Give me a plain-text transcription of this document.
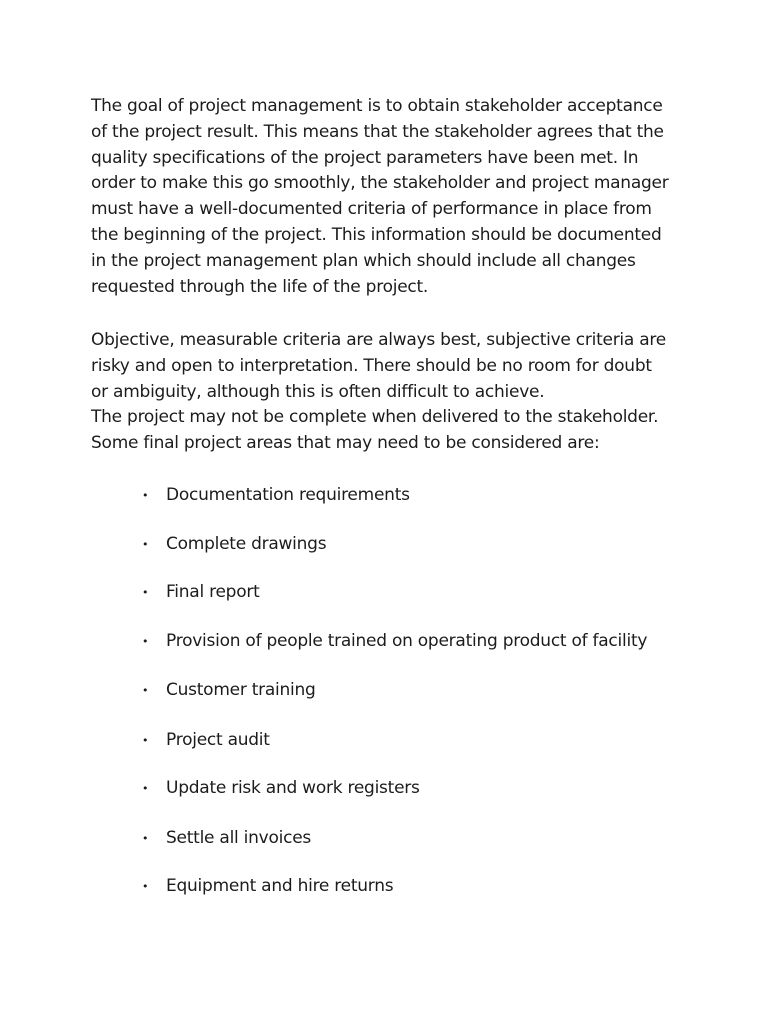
The goal of project management is to obtain stakeholder acceptance
of the project result. This means that the stakeholder agrees that the
quality specifications of the project parameters have been met. In
order to make this go smoothly, the stakeholder and project manager
must have a well-documented criteria of performance in place from
the beginning of the project. This information should be documented
in the project management plan which should include all changes
requested through the life of the project.
Objective, measurable criteria are always best, subjective criteria are
risky and open to interpretation. There should be no room for doubt
or ambiguity, although this is often difficult to achieve.
The project may not be complete when delivered to the stakeholder.
Some final project areas that may need to be considered are:
•	Documentation requirements
•	Complete drawings
•	Final report
•	Provision of people trained on operating product of facility
•	Customer training
•	Project audit
•	Update risk and work registers
•	Settle all invoices
•	Equipment and hire returns
